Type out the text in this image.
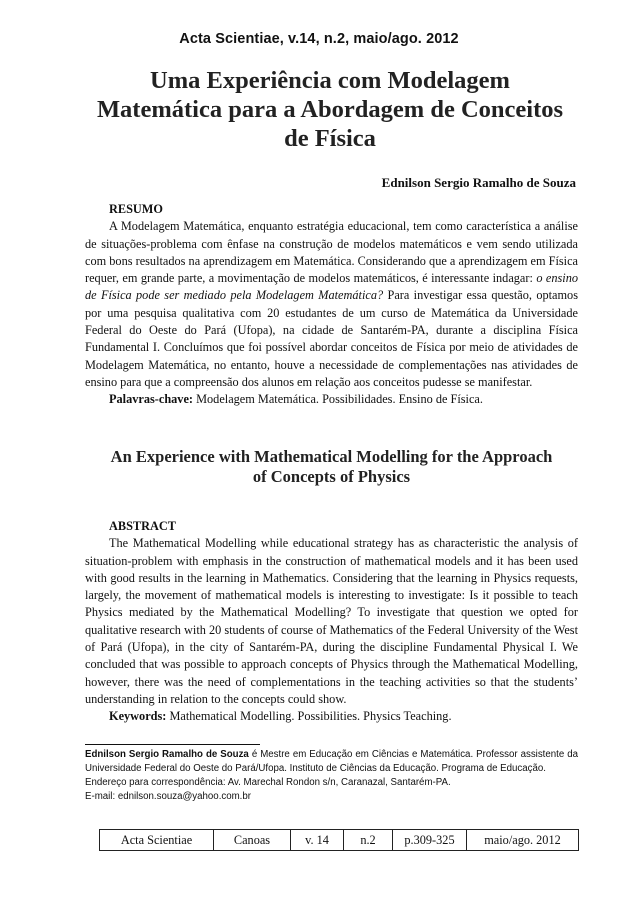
Acta Scientiae, v.14, n.2, maio/ago. 2012
Uma Experiência com Modelagem
Matemática para a Abordagem de Conceitos
de Física
Ednilson Sergio Ramalho de Souza
RESUMO

A Modelagem Matemática, enquanto estratégia educacional, tem como característica a análise de situações-problema com ênfase na construção de modelos matemáticos e vem sendo utilizada com bons resultados na aprendizagem em Matemática. Considerando que a aprendizagem em Física requer, em grande parte, a movimentação de modelos matemáticos, é interessante indagar: o ensino de Física pode ser mediado pela Modelagem Matemática? Para investigar essa questão, optamos por uma pesquisa qualitativa com 20 estudantes de um curso de Matemática da Universidade Federal do Oeste do Pará (Ufopa), na cidade de Santarém-PA, durante a disciplina Física Fundamental I. Concluímos que foi possível abordar conceitos de Física por meio de atividades de Modelagem Matemática, no entanto, houve a necessidade de complementações nas atividades de ensino para que a compreensão dos alunos em relação aos conceitos pudesse se manifestar.

Palavras-chave: Modelagem Matemática. Possibilidades. Ensino de Física.
An Experience with Mathematical Modelling for the Approach
of Concepts of Physics
ABSTRACT

The Mathematical Modelling while educational strategy has as characteristic the analysis of situation-problem with emphasis in the construction of mathematical models and it has been used with good results in the learning in Mathematics. Considering that the learning in Physics requests, largely, the movement of mathematical models is interesting to investigate: Is it possible to teach Physics mediated by the Mathematical Modelling? To investigate that question we opted for qualitative research with 20 students of course of Mathematics of the Federal University of the West of Pará (Ufopa), in the city of Santarém-PA, during the discipline Fundamental Physical I. We concluded that was possible to approach concepts of Physics through the Mathematical Modelling, however, there was the need of complementations in the teaching activities so that the students’ understanding in relation to the concepts could show.

Keywords: Mathematical Modelling. Possibilities. Physics Teaching.
Ednilson Sergio Ramalho de Souza é Mestre em Educação em Ciências e Matemática. Professor assistente da Universidade Federal do Oeste do Pará/Ufopa. Instituto de Ciências da Educação. Programa de Educação.
Endereço para correspondência: Av. Marechal Rondon s/n, Caranazal, Santarém-PA.
E-mail: ednilson.souza@yahoo.com.br
Acta Scientiae	Canoas	v. 14	n.2	p.309-325	maio/ago. 2012
